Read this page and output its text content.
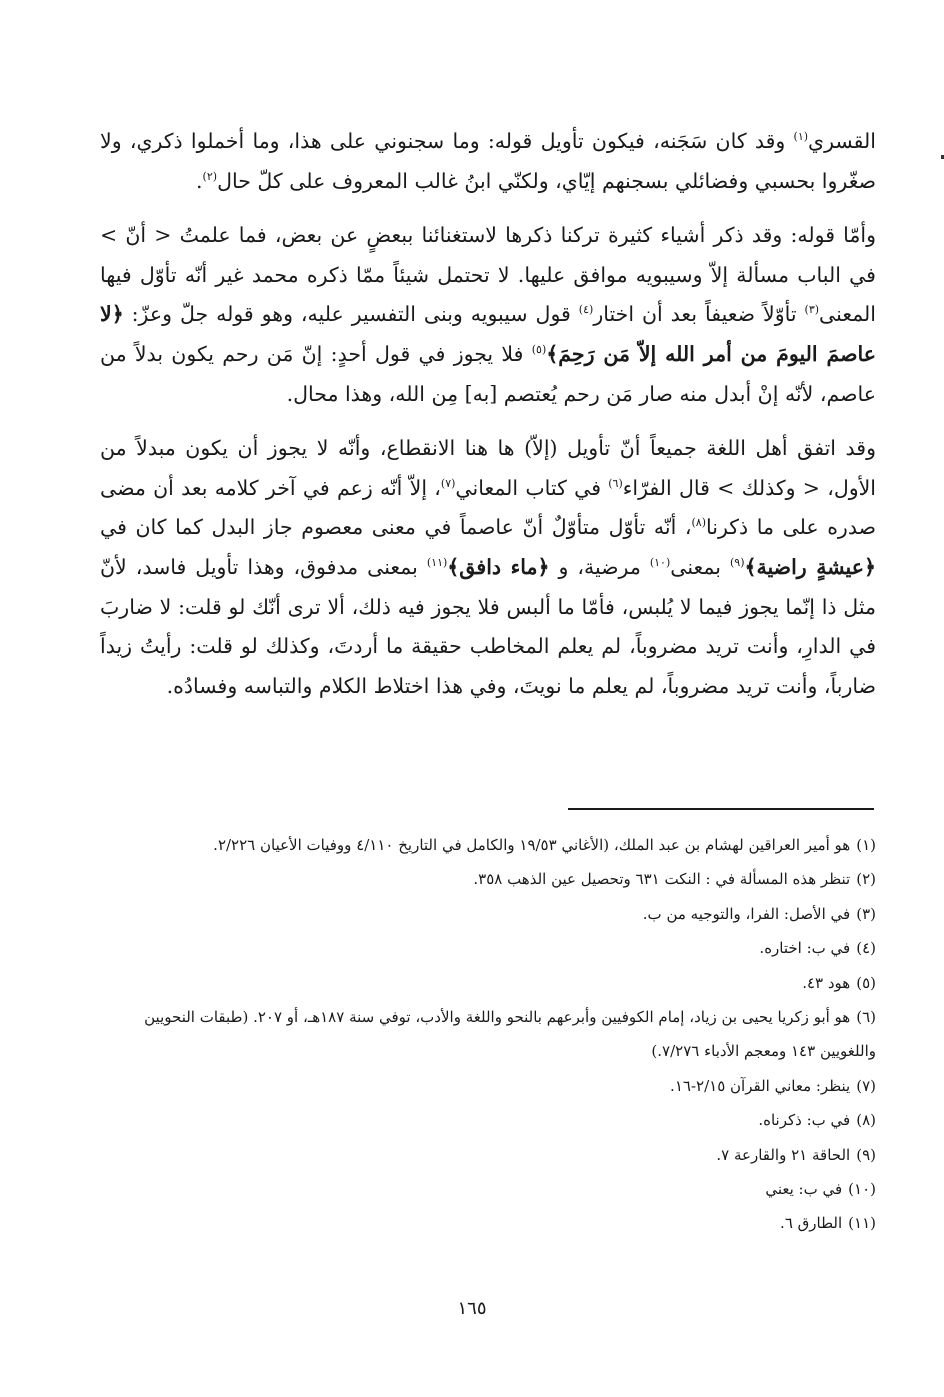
القسري$^{(١)}$ وقد كان سَجَنه، فيكون تأويل قوله: وما سجنوني على هذا، وما أخملوا ذكري، ولا صغّروا بحسبي وفضائلي بسجنهم إيّاي، ولكنّي ابنُ غالب المعروف على كلّ حال$^{(٢)}$.

وأمّا قوله: وقد ذكر أشياء كثيرة تركنا ذكرها لاستغنائنا ببعضٍ عن بعض، فما علمتُ < أنّ > في الباب مسألة إلاّ وسيبويه موافق عليها. لا تحتمل شيئاً ممّا ذكره محمد غير أنّه تأوّل فيها المعنى$^{(٣)}$ تأوّلاً ضعيفاً بعد أن اختار$^{(٤)}$ قول سيبويه وبنى التفسير عليه، وهو قوله جلّ وعزّ: ﴿لا عاصمَ اليومَ من أمر الله إلاّ مَن رَحِمَ﴾$^{(٥)}$ فلا يجوز في قول أحدٍ: إنّ مَن رحم يكون بدلاً من عاصم، لأنّه إنْ أبدل منه صار مَن رحم يُعتصم [به] مِن الله، وهذا محال.

وقد اتفق أهل اللغة جميعاً أنّ تأويل (إلاّ) ها هنا الانقطاع، وأنّه لا يجوز أن يكون مبدلاً من الأول، < وكذلك > قال الفرّاء$^{(٦)}$ في كتاب المعاني$^{(٧)}$، إلاّ أنّه زعم في آخر كلامه بعد أن مضى صدره على ما ذكرنا$^{(٨)}$، أنّه تأوّل متأوّلٌ أنّ عاصماً في معنى معصوم جاز البدل كما كان في ﴿عيشةٍ راضية﴾$^{(٩)}$ بمعنى$^{(١٠)}$ مرضية، و ﴿ماء دافق﴾$^{(١١)}$ بمعنى مدفوق، وهذا تأويل فاسد، لأنّ مثل ذا إنّما يجوز فيما لا يُلبس، فأمّا ما ألبس فلا يجوز فيه ذلك، ألا ترى أنّك لو قلت: لا ضاربَ في الدارِ، وأنت تريد مضروباً، لم يعلم المخاطب حقيقة ما أردتَ، وكذلك لو قلت: رأيتُ زيداً ضارباً، وأنت تريد مضروباً، لم يعلم ما نويتَ، وفي هذا اختلاط الكلام والتباسه وفسادُه.

(١)هو أمير العراقين لهشام بن عبد الملك، (الأغاني ١٩/٥٣ والكامل في التاريخ ٤/١١٠ ووفيات الأعيان ٢/٢٢٦.

(٢)تنظر هذه المسألة في : النكت ٦٣١ وتحصيل عين الذهب ٣٥٨.

(٣)في الأصل: الفرا، والتوجيه من ب.

(٤)في ب: اختاره.

(٥)هود ٤٣.

(٦)هو أبو زكريا يحيى بن زياد، إمام الكوفيين وأبرعهم بالنحو واللغة والأدب، توفي سنة ١٨٧هـ، أو ٢٠٧. (طبقات النحويين واللغويين ١٤٣ ومعجم الأدباء ٧/٢٧٦.)

(٧)ينظر: معاني القرآن ٢/١٥-١٦.

(٨)في ب: ذكرناه.

(٩)الحاقة ٢١ والقارعة ٧.

(١٠)في ب: يعني

(١١)الطارق ٦.

١٦٥
